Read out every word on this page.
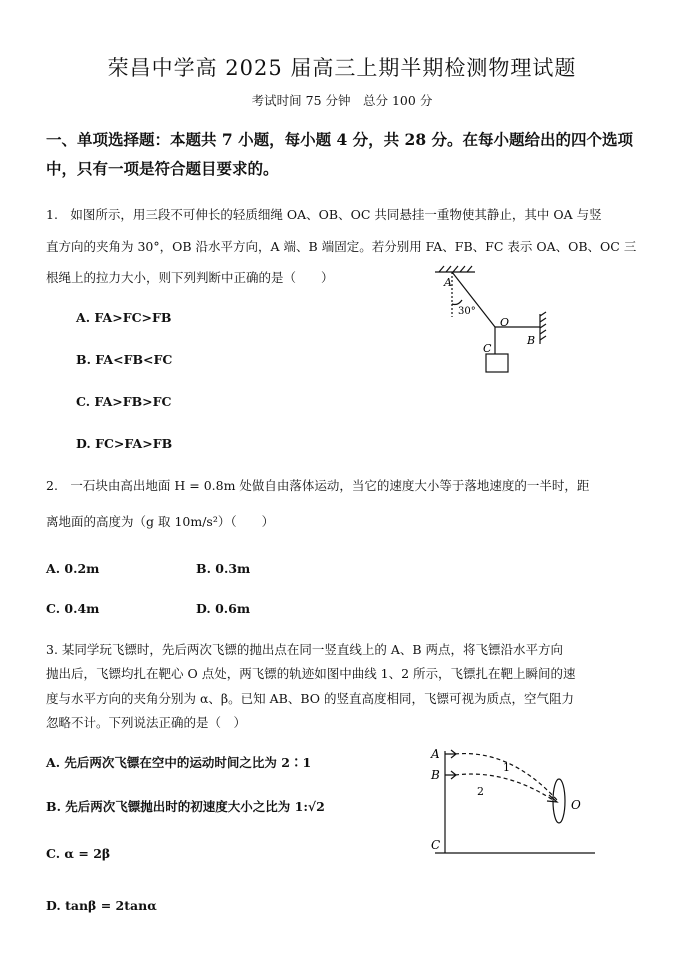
荣昌中学高 2025 届高三上期半期检测物理试题
考试时间 75 分钟　总分 100 分
一、单项选择题：本题共 7 小题，每小题 4 分，共 28 分。在每小题给出的四个选项
中，只有一项是符合题目要求的。
1.　如图所示，用三段不可伸长的轻质细绳 OA、OB、OC 共同悬挂一重物使其静止，其中 OA 与竖
直方向的夹角为 30°，OB 沿水平方向，A 端、B 端固定。若分别用 FA、FB、FC 表示 OA、OB、OC 三
根绳上的拉力大小，则下列判断中正确的是（　　）
A. FA>FC>FB
B. FA<FB<FC
C. FA>FB>FC
D. FC>FA>FB
A
30°
O
B
C
2.　一石块由高出地面 H = 0.8m 处做自由落体运动，当它的速度大小等于落地速度的一半时，距
离地面的高度为（g 取 10m/s²）（　　）
A. 0.2m	B. 0.3m
C. 0.4m	D. 0.6m
3. 某同学玩飞镖时，先后两次飞镖的抛出点在同一竖直线上的 A、B 两点，将飞镖沿水平方向
抛出后，飞镖均扎在靶心 O 点处，两飞镖的轨迹如图中曲线 1、2 所示，飞镖扎在靶上瞬间的速
度与水平方向的夹角分别为 α、β。已知 AB、BO 的竖直高度相同，飞镖可视为质点，空气阻力
忽略不计。下列说法正确的是（　）
A. 先后两次飞镖在空中的运动时间之比为 2∶1
B. 先后两次飞镖抛出时的初速度大小之比为 1:√2
C. α = 2β
D. tanβ = 2tanα
A
B
C
O
1
2
